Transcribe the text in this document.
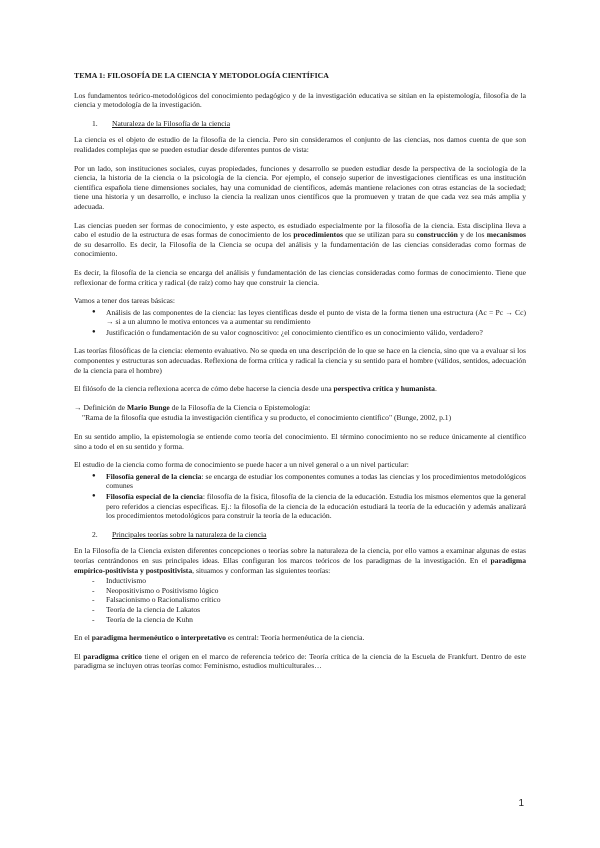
TEMA 1: FILOSOFÍA DE LA CIENCIA Y METODOLOGÍA CIENTÍFICA

Los fundamentos teórico-metodológicos del conocimiento pedagógico y de la investigación educativa se sitúan en la epistemología, filosofía de la ciencia y metodología de la investigación.

1. Naturaleza de la Filosofía de la ciencia

La ciencia es el objeto de estudio de la filosofía de la ciencia. Pero sin consideramos el conjunto de las ciencias, nos damos cuenta de que son realidades complejas que se pueden estudiar desde diferentes puntos de vista:

Por un lado, son instituciones sociales, cuyas propiedades, funciones y desarrollo se pueden estudiar desde la perspectiva de la sociología de la ciencia, la historia de la ciencia o la psicología de la ciencia. Por ejemplo, el consejo superior de investigaciones científicas es una institución científica española tiene dimensiones sociales, hay una comunidad de científicos, además mantiene relaciones con otras estancias de la sociedad; tiene una historia y un desarrollo, e incluso la ciencia la realizan unos científicos que la promueven y tratan de que cada vez sea más amplia y adecuada.

Las ciencias pueden ser formas de conocimiento, y este aspecto, es estudiado especialmente por la filosofía de la ciencia. Esta disciplina lleva a cabo el estudio de la estructura de esas formas de conocimiento de los procedimientos que se utilizan para su construcción y de los mecanismos de su desarrollo. Es decir, la Filosofía de la Ciencia se ocupa del análisis y la fundamentación de las ciencias consideradas como formas de conocimiento.

Es decir, la filosofía de la ciencia se encarga del análisis y fundamentación de las ciencias consideradas como formas de conocimiento. Tiene que reflexionar de forma crítica y radical (de raíz) como hay que construir la ciencia.

Vamos a tener dos tareas básicas:

● Análisis de las componentes de la ciencia: las leyes científicas desde el punto de vista de la forma tienen una estructura (Ac = Pc → Cc) → si a un alumno le motiva entonces va a aumentar su rendimiento
● Justificación o fundamentación de su valor cognoscitivo: ¿el conocimiento científico es un conocimiento válido, verdadero?

Las teorías filosóficas de la ciencia: elemento evaluativo. No se queda en una descripción de lo que se hace en la ciencia, sino que va a evaluar si los componentes y estructuras son adecuadas. Reflexiona de forma crítica y radical la ciencia y su sentido para el hombre (válidos, sentidos, adecuación de la ciencia para el hombre)

El filósofo de la ciencia reflexiona acerca de cómo debe hacerse la ciencia desde una perspectiva crítica y humanista.

→ Definición de Mario Bunge de la Filosofía de la Ciencia o Epistemología:

"Rama de la filosofía que estudia la investigación científica y su producto, el conocimiento científico" (Bunge, 2002, p.1)

En su sentido amplio, la epistemología se entiende como teoría del conocimiento. El término conocimiento no se reduce únicamente al científico sino a todo el en su sentido y forma.

El estudio de la ciencia como forma de conocimiento se puede hacer a un nivel general o a un nivel particular:

● Filosofía general de la ciencia: se encarga de estudiar los componentes comunes a todas las ciencias y los procedimientos metodológicos comunes
● Filosofía especial de la ciencia: filosofía de la física, filosofía de la ciencia de la educación. Estudia los mismos elementos que la general pero referidos a ciencias específicas. Ej.: la filosofía de la ciencia de la educación estudiará la teoría de la educación y además analizará los procedimientos metodológicos para construir la teoría de la educación.
2. Principales teorías sobre la naturaleza de la ciencia

En la Filosofía de la Ciencia existen diferentes concepciones o teorías sobre la naturaleza de la ciencia, por ello vamos a examinar algunas de estas teorías centrándonos en sus principales ideas. Ellas configuran los marcos teóricos de los paradigmas de la investigación. En el paradigma empírico-positivista y postpositivista, situamos y conforman las siguientes teorías:

- Inductivismo
- Neopositivismo o Positivismo lógico
- Falsacionismo o Racionalismo crítico
- Teoría de la ciencia de Lakatos
- Teoría de la ciencia de Kuhn

En el paradigma hermenéutico o interpretativo es central: Teoría hermenéutica de la ciencia.

El paradigma crítico tiene el origen en el marco de referencia teórico de: Teoría crítica de la ciencia de la Escuela de Frankfurt. Dentro de este paradigma se incluyen otras teorías como: Feminismo, estudios multiculturales…

1
